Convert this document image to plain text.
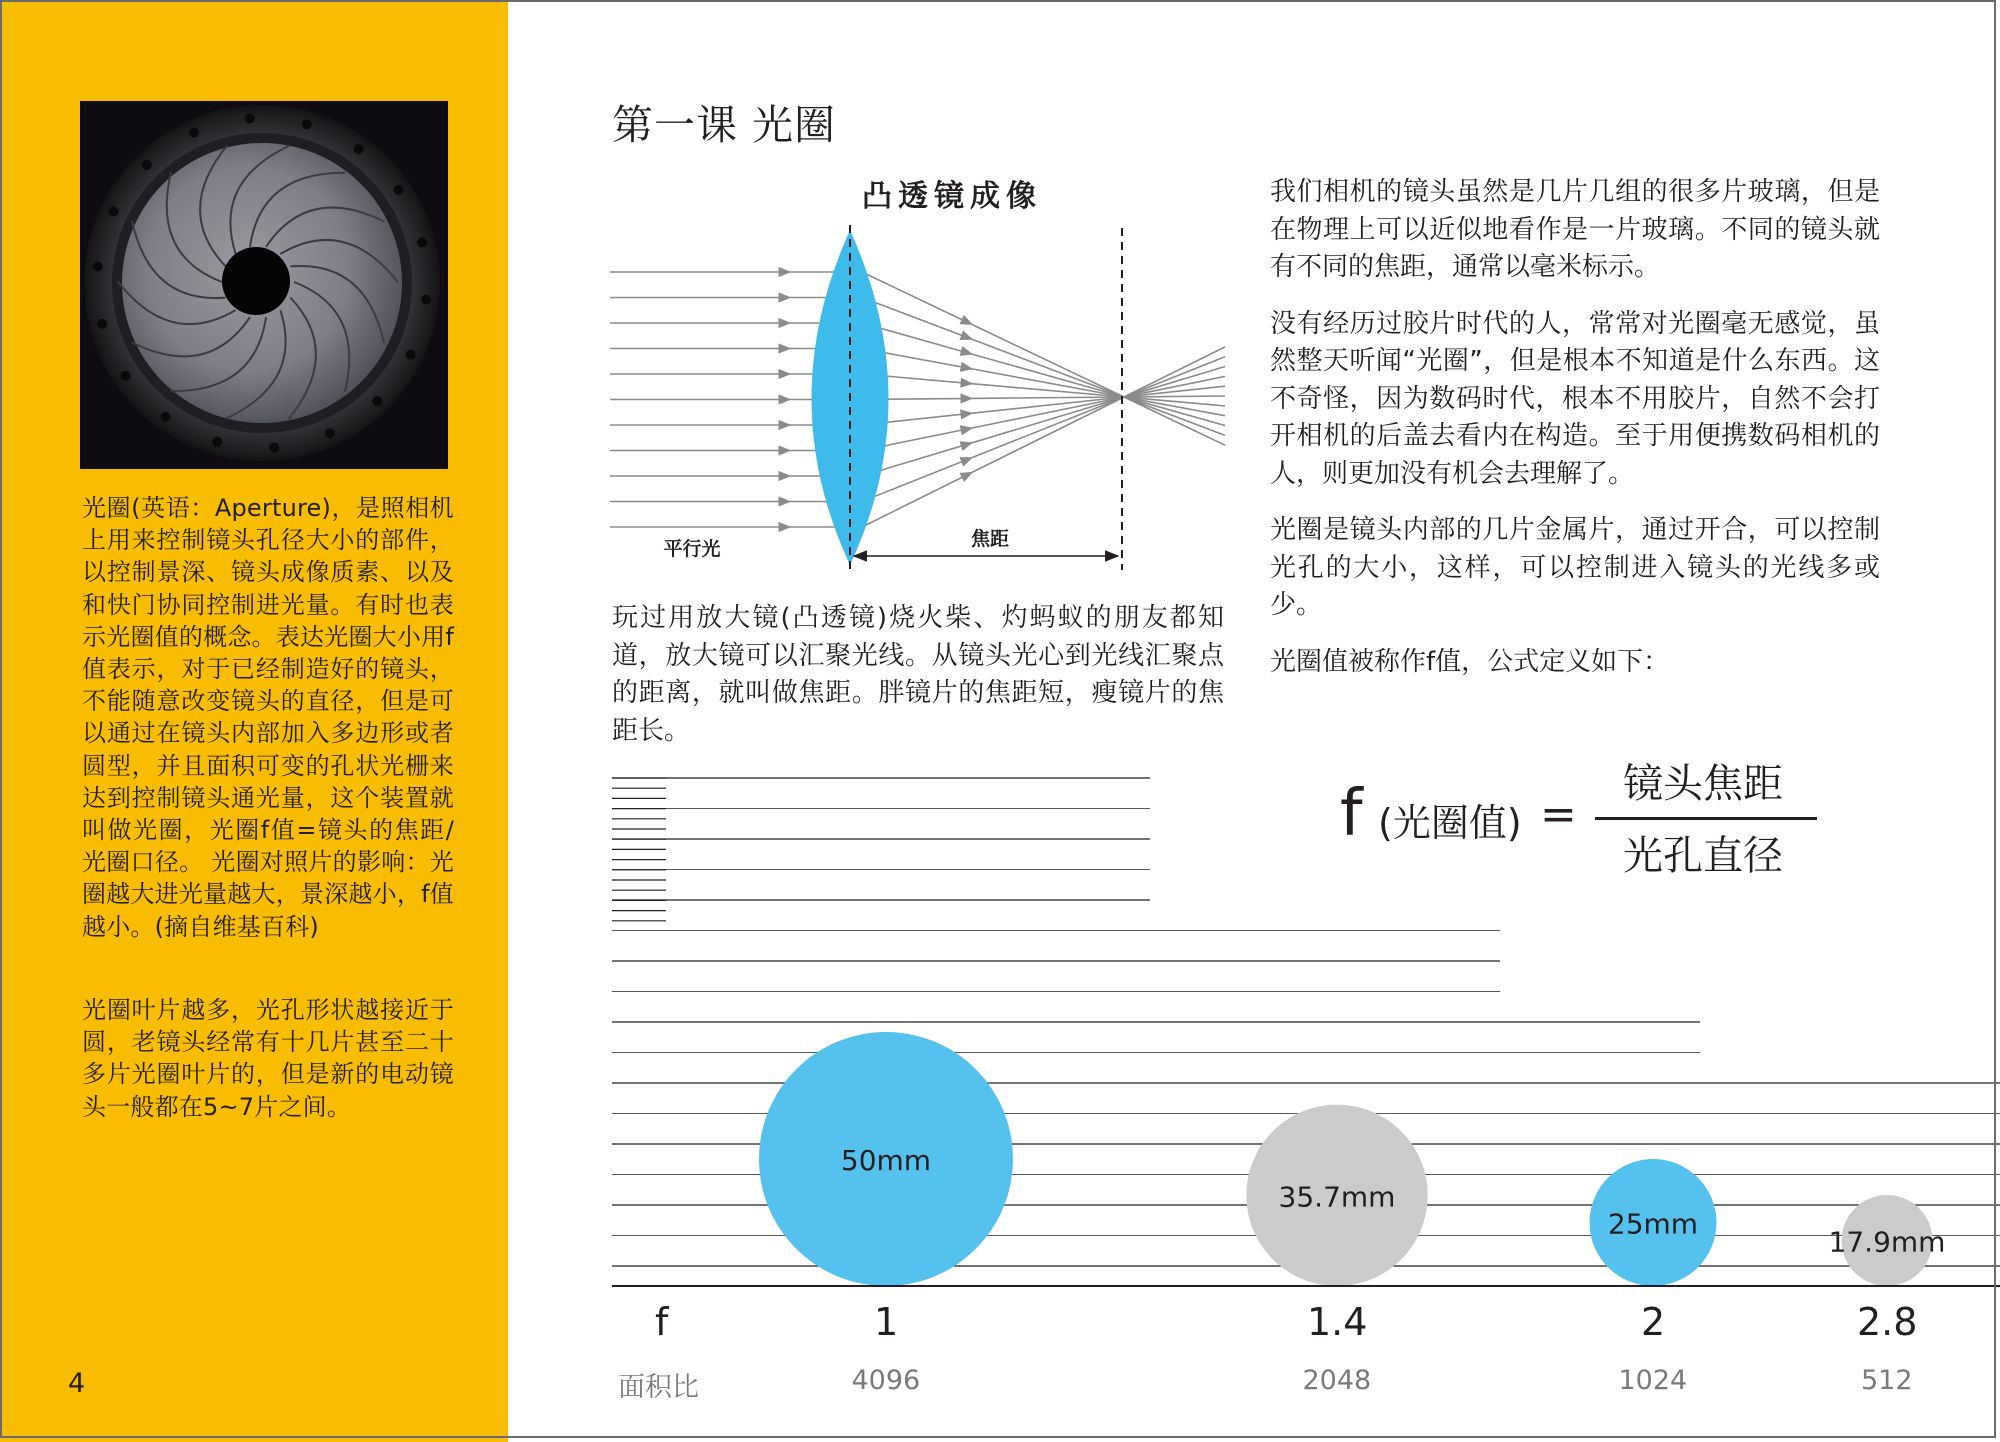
光圈(英语：Aperture)，是照相机上用来控制镜头孔径大小的部件，以控制景深、镜头成像质素、以及和快门协同控制进光量。有时也表示光圈值的概念。表达光圈大小用f值表示，对于已经制造好的镜头，不能随意改变镜头的直径，但是可以通过在镜头内部加入多边形或者圆型，并且面积可变的孔状光栅来达到控制镜头通光量，这个装置就叫做光圈，光圈f值=镜头的焦距/光圈口径。 光圈对照片的影响：光圈越大进光量越大，景深越小，f值越小。(摘自维基百科)
光圈叶片越多，光孔形状越接近于圆，老镜头经常有十几片甚至二十多片光圈叶片的，但是新的电动镜头一般都在5~7片之间。
4
第一课 光圈
凸透镜成像
焦距
平行光

玩过用放大镜(凸透镜)烧火柴、灼蚂蚁的朋友都知道，放大镜可以汇聚光线。从镜头光心到光线汇聚点的距离，就叫做焦距。胖镜片的焦距短，瘦镜片的焦距长。

我们相机的镜头虽然是几片几组的很多片玻璃，但是在物理上可以近似地看作是一片玻璃。不同的镜头就有不同的焦距，通常以毫米标示。

没有经历过胶片时代的人，常常对光圈毫无感觉，虽然整天听闻“光圈”，但是根本不知道是什么东西。这不奇怪，因为数码时代，根本不用胶片，自然不会打开相机的后盖去看内在构造。至于用便携数码相机的人，则更加没有机会去理解了。

光圈是镜头内部的几片金属片，通过开合，可以控制光孔的大小，这样，可以控制进入镜头的光线多或少。

光圈值被称作f值，公式定义如下：

f (光圈值) =
镜头焦距
光孔直径
50mm
35.7mm
25mm
17.9mm
1
4096
1.4
2048
2
1024
2.8
512
f
面积比
